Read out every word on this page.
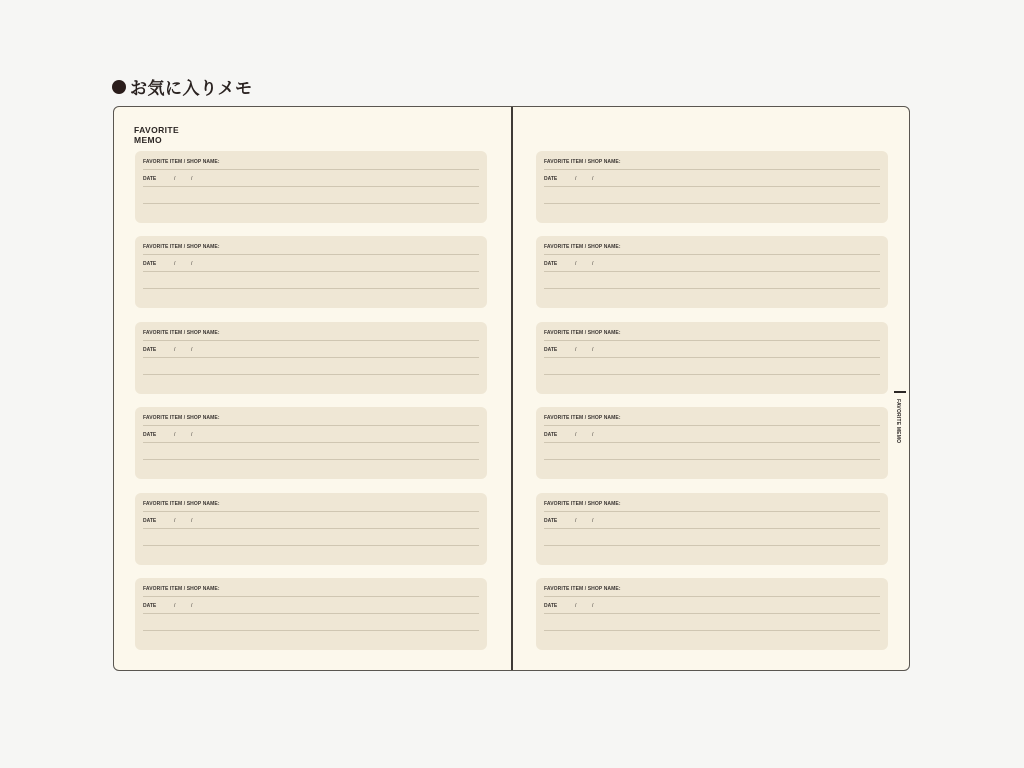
お気に入りメモ
FAVORITE
MEMO
FAVORITE ITEM / SHOP NAME:
DATE	/	/
FAVORITE ITEM / SHOP NAME:
DATE	/	/
FAVORITE ITEM / SHOP NAME:
DATE	/	/
FAVORITE ITEM / SHOP NAME:
DATE	/	/
FAVORITE ITEM / SHOP NAME:
DATE	/	/
FAVORITE ITEM / SHOP NAME:
DATE	/	/
FAVORITE ITEM / SHOP NAME:
DATE	/	/
FAVORITE ITEM / SHOP NAME:
DATE	/	/
FAVORITE ITEM / SHOP NAME:
DATE	/	/
FAVORITE ITEM / SHOP NAME:
DATE	/	/
FAVORITE ITEM / SHOP NAME:
DATE	/	/
FAVORITE ITEM / SHOP NAME:
DATE	/	/
FAVORITE MEMO
